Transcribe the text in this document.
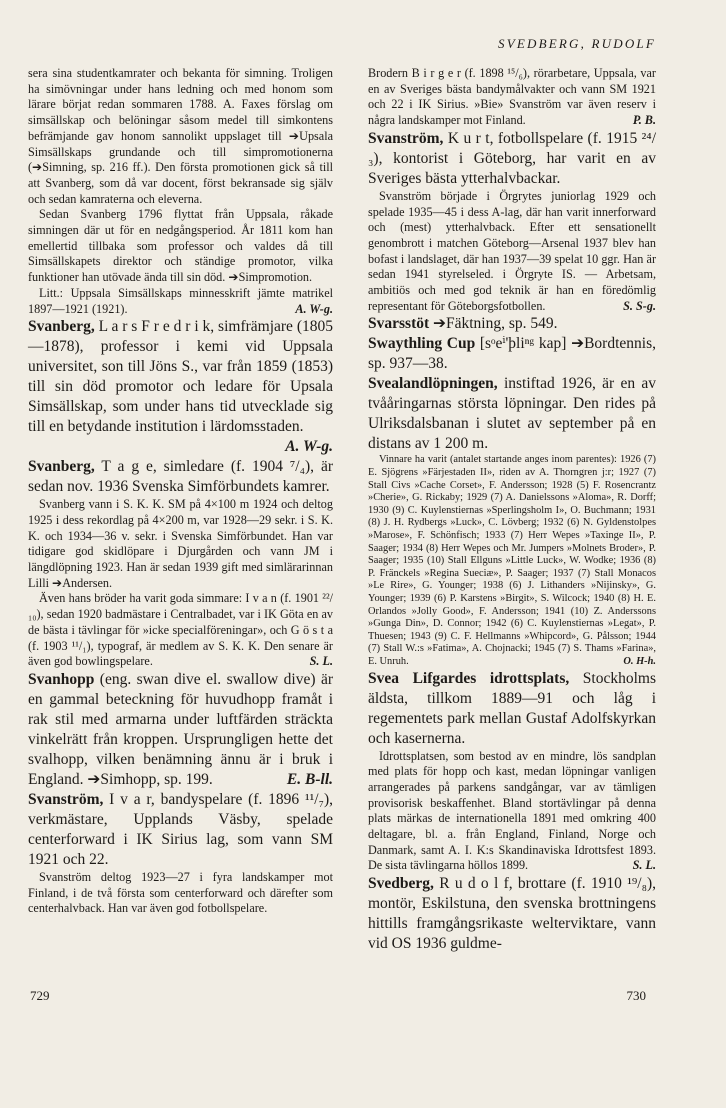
SVEDBERG, RUDOLF

sera sina studentkamrater och bekanta för simning. Troligen ha simövningar under hans ledning och med honom som lärare börjat redan sommaren 1788. A. Faxes förslag om simsällskap och belöningar såsom medel till simkontens befrämjande gav honom sannolikt uppslaget till ➔Upsala Simsällskaps grundande och till simpromotionerna (➔Simning, sp. 216 ff.). Den första promotionen gick så till att Svanberg, som då var docent, först bekransade sig själv och sedan kamraterna och eleverna.

Sedan Svanberg 1796 flyttat från Uppsala, råkade simningen där ut för en nedgångsperiod. År 1811 kom han emellertid tillbaka som professor och valdes då till Simsällskapets direktor och ständige promotor, vilka funktioner han utövade ända till sin död. ➔Simpromotion.

Litt.: Uppsala Simsällskaps minnesskrift jämte matrikel 1897—1921 (1921).	A. W-g.

Svanberg, L a r s F r e d r i k, simfrämjare (1805—1878), professor i kemi vid Uppsala universitet, son till Jöns S., var från 1859 (1853) till sin död promotor och ledare för Upsala Simsällskap, som under hans tid utvecklade sig till en betydande institution i lärdomsstaden.
A. W-g.

Svanberg, T a g e, simledare (f. 1904 ⁷/₄), är sedan nov. 1936 Svenska Simförbundets kamrer.

Svanberg vann i S. K. K. SM på 4×100 m 1924 och deltog 1925 i dess rekordlag på 4×200 m, var 1928—29 sekr. i S. K. K. och 1934—36 v. sekr. i Svenska Simförbundet. Han var tidigare god skidlöpare i Djurgården och vann JM i längdlöpning 1923. Han är sedan 1939 gift med simlärarinnan Lilli ➔Andersen.

Även hans bröder ha varit goda simmare: I v a n (f. 1901 ²²/₁₀), sedan 1920 badmästare i Centralbadet, var i IK Göta en av de bästa i tävlingar för »icke specialföreningar», och G ö s t a (f. 1903 ¹¹/₁), typograf, är medlem av S. K. K. Den senare är även god bowlingspelare.	S. L.

Svanhopp (eng. swan dive el. swallow dive) är en gammal beteckning för huvudhopp framåt i rak stil med armarna under luftfärden sträckta vinkelrätt från kroppen. Ursprungligen hette det svalhopp, vilken benämning ännu är i bruk i England. ➔Simhopp, sp. 199.	E. B-ll.

Svanström, I v a r, bandyspelare (f. 1896 ¹¹/₇), verkmästare, Upplands Väsby, spelade centerforward i IK Sirius lag, som vann SM 1921 och 22.

Svanström deltog 1923—27 i fyra landskamper mot Finland, i de två första som centerforward och därefter som centerhalvback. Han var även god fotbollspelare.

Brodern B i r g e r (f. 1898 ¹⁵/₆), rörarbetare, Uppsala, var en av Sveriges bästa bandymålvakter och vann SM 1921 och 22 i IK Sirius. »Bie» Svanström var även reserv i några landskamper mot Finland.	P. B.

Svanström, K u r t, fotbollspelare (f. 1915 ²⁴/₃), kontorist i Göteborg, har varit en av Sveriges bästa ytterhalvbackar.

Svanström började i Örgrytes juniorlag 1929 och spelade 1935—45 i dess A-lag, där han varit innerforward och (mest) ytterhalvback. Efter ett sensationellt genombrott i matchen Göteborg—Arsenal 1937 blev han bofast i landslaget, där han 1937—39 spelat 10 ggr. Han är sedan 1941 styrelseled. i Örgryte IS. — Arbetsam, ambitiös och med god teknik är han en föredömlig representant för Göteborgsfotbollen.	S. S-g.

Svarsstöt ➔Fäktning, sp. 549.

Swaythling Cup [sᵒeⁱ'þliⁿᵍ kap] ➔Bordtennis, sp. 937—38.

Svealandlöpningen, instiftad 1926, är en av tvååringarnas största löpningar. Den rides på Ulriksdalsbanan i slutet av september på en distans av 1 200 m.

Vinnare ha varit (antalet startande anges inom parentes): 1926 (7) E. Sjögrens »Färjestaden II», riden av A. Thorngren j:r; 1927 (7) Stall Civs »Cache Corset», F. Andersson; 1928 (5) F. Rosencrantz »Cherie», G. Rickaby; 1929 (7) A. Danielssons »Aloma», R. Dorff; 1930 (9) C. Kuylenstiernas »Sperlingsholm I», O. Buchmann; 1931 (8) J. H. Rydbergs »Luck», C. Lövberg; 1932 (6) N. Gyldenstolpes »Marose», F. Schönfisch; 1933 (7) Herr Wepes »Taxinge II», P. Saager; 1934 (8) Herr Wepes och Mr. Jumpers »Molnets Broder», P. Saager; 1935 (10) Stall Ellguns »Little Luck», W. Wodke; 1936 (8) P. Fränckels »Regina Sueciæ», P. Saager; 1937 (7) Stall Monacos »Le Rire», G. Younger; 1938 (6) J. Lithanders »Nijinsky», G. Younger; 1939 (6) P. Karstens »Birgit», S. Wilcock; 1940 (8) H. E. Orlandos »Jolly Good», F. Andersson; 1941 (10) Z. Anderssons »Gunga Din», D. Connor; 1942 (6) C. Kuylenstiernas »Legat», P. Thuesen; 1943 (9) C. F. Hellmanns »Whipcord», G. Pålsson; 1944 (7) Stall W.:s »Fatima», A. Chojnacki; 1945 (7) S. Thams »Farina», E. Unruh.	O. H-h.

Svea Lifgardes idrottsplats, Stockholms äldsta, tillkom 1889—91 och låg i regementets park mellan Gustaf Adolfskyrkan och kasernerna.

Idrottsplatsen, som bestod av en mindre, lös sandplan med plats för hopp och kast, medan löpningar vanligen arrangerades på parkens sandgångar, var av tämligen provisorisk beskaffenhet. Bland stortävlingar på denna plats märkas de internationella 1891 med omkring 400 deltagare, bl. a. från England, Finland, Norge och Danmark, samt A. I. K:s Skandinaviska Idrottsfest 1893. De sista tävlingarna höllos 1899.	S. L.

Svedberg, R u d o l f, brottare (f. 1910 ¹⁹/₈), montör, Eskilstuna, den svenska brottningens hittills framgångsrikaste welterviktare, vann vid OS 1936 guldme-

729	730
